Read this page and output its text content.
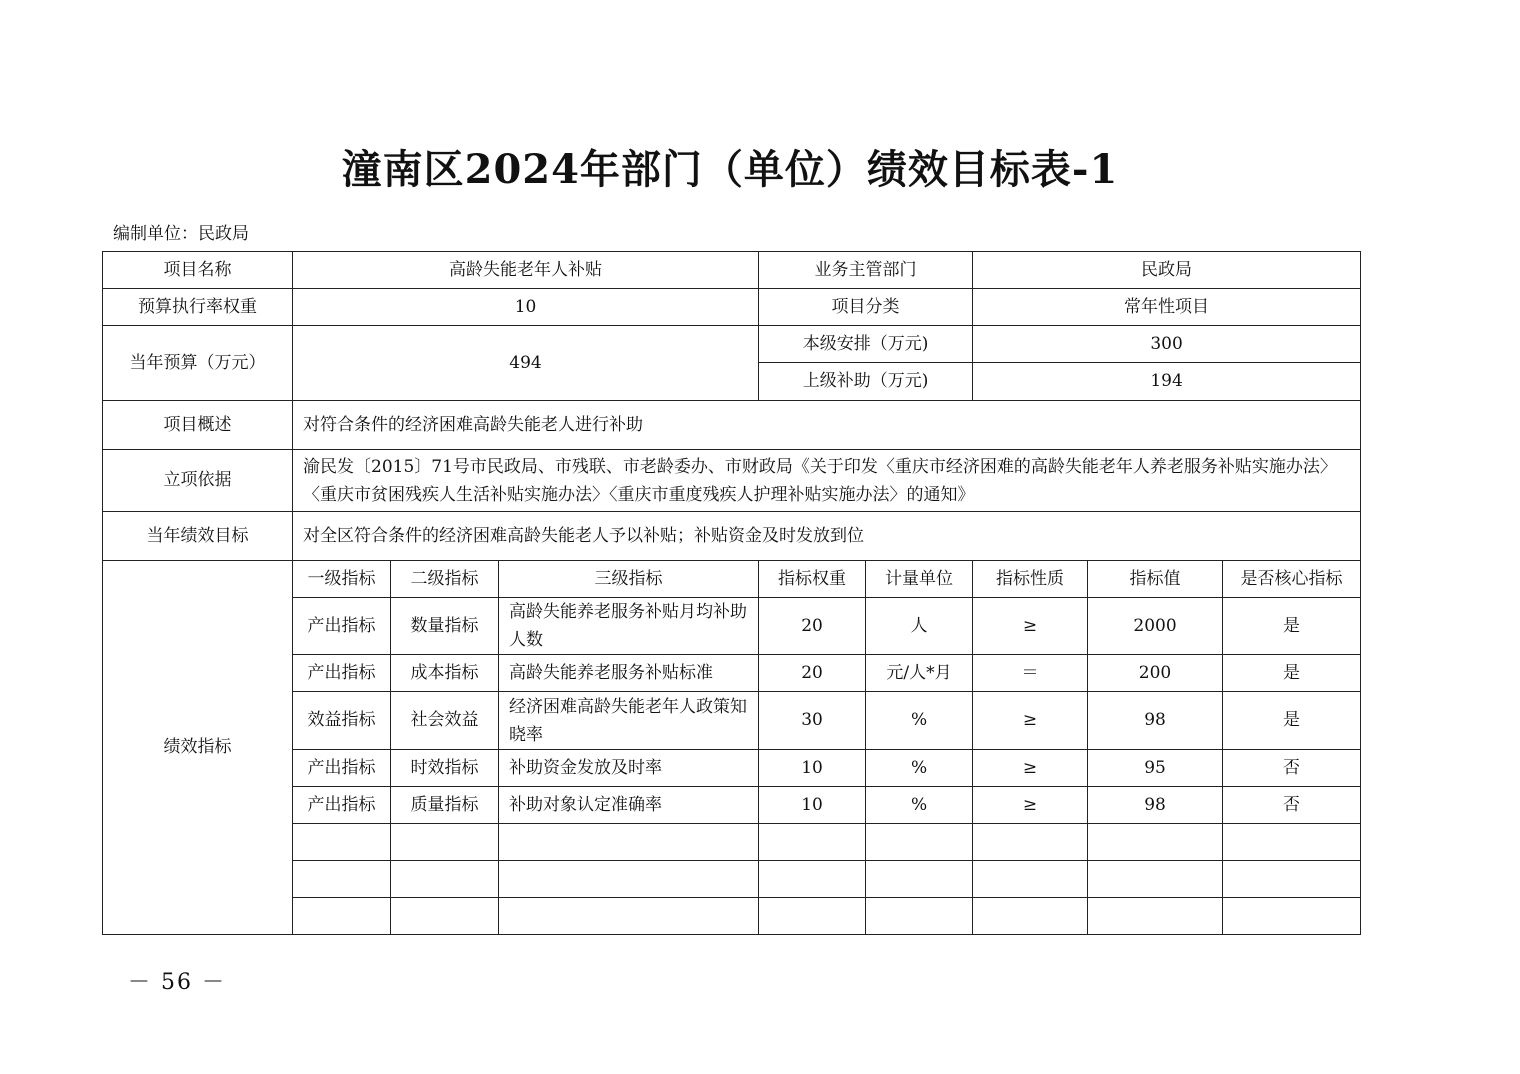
潼南区2024年部门（单位）绩效目标表-1
编制单位：民政局
项目名称	高龄失能老年人补贴			业务主管部门		民政局		
预算执行率权重	10			项目分类		常年性项目		
当年预算（万元）	494			本级安排（万元)		300		
				上级补助（万元)		194		
项目概述	对符合条件的经济困难高龄失能老人进行补助							
立项依据	渝民发〔2015〕71号市民政局、市残联、市老龄委办、市财政局《关于印发〈重庆市经济困难的高龄失能老年人养老服务补贴实施办法〉〈重庆市贫困残疾人生活补贴实施办法〉〈重庆市重度残疾人护理补贴实施办法〉的通知》							
当年绩效目标	对全区符合条件的经济困难高龄失能老人予以补贴；补贴资金及时发放到位							
绩效指标	一级指标	二级指标	三级指标	指标权重	计量单位	指标性质	指标值	是否核心指标
	产出指标	数量指标	高龄失能养老服务补贴月均补助人数	20	人	≥	2000	是
	产出指标	成本指标	高龄失能养老服务补贴标准	20	元/人*月	＝	200	是
	效益指标	社会效益	经济困难高龄失能老年人政策知晓率	30	%	≥	98	是
	产出指标	时效指标	补助资金发放及时率	10	%	≥	95	否
	产出指标	质量指标	补助对象认定准确率	10	%	≥	98	否

－ 56 －
